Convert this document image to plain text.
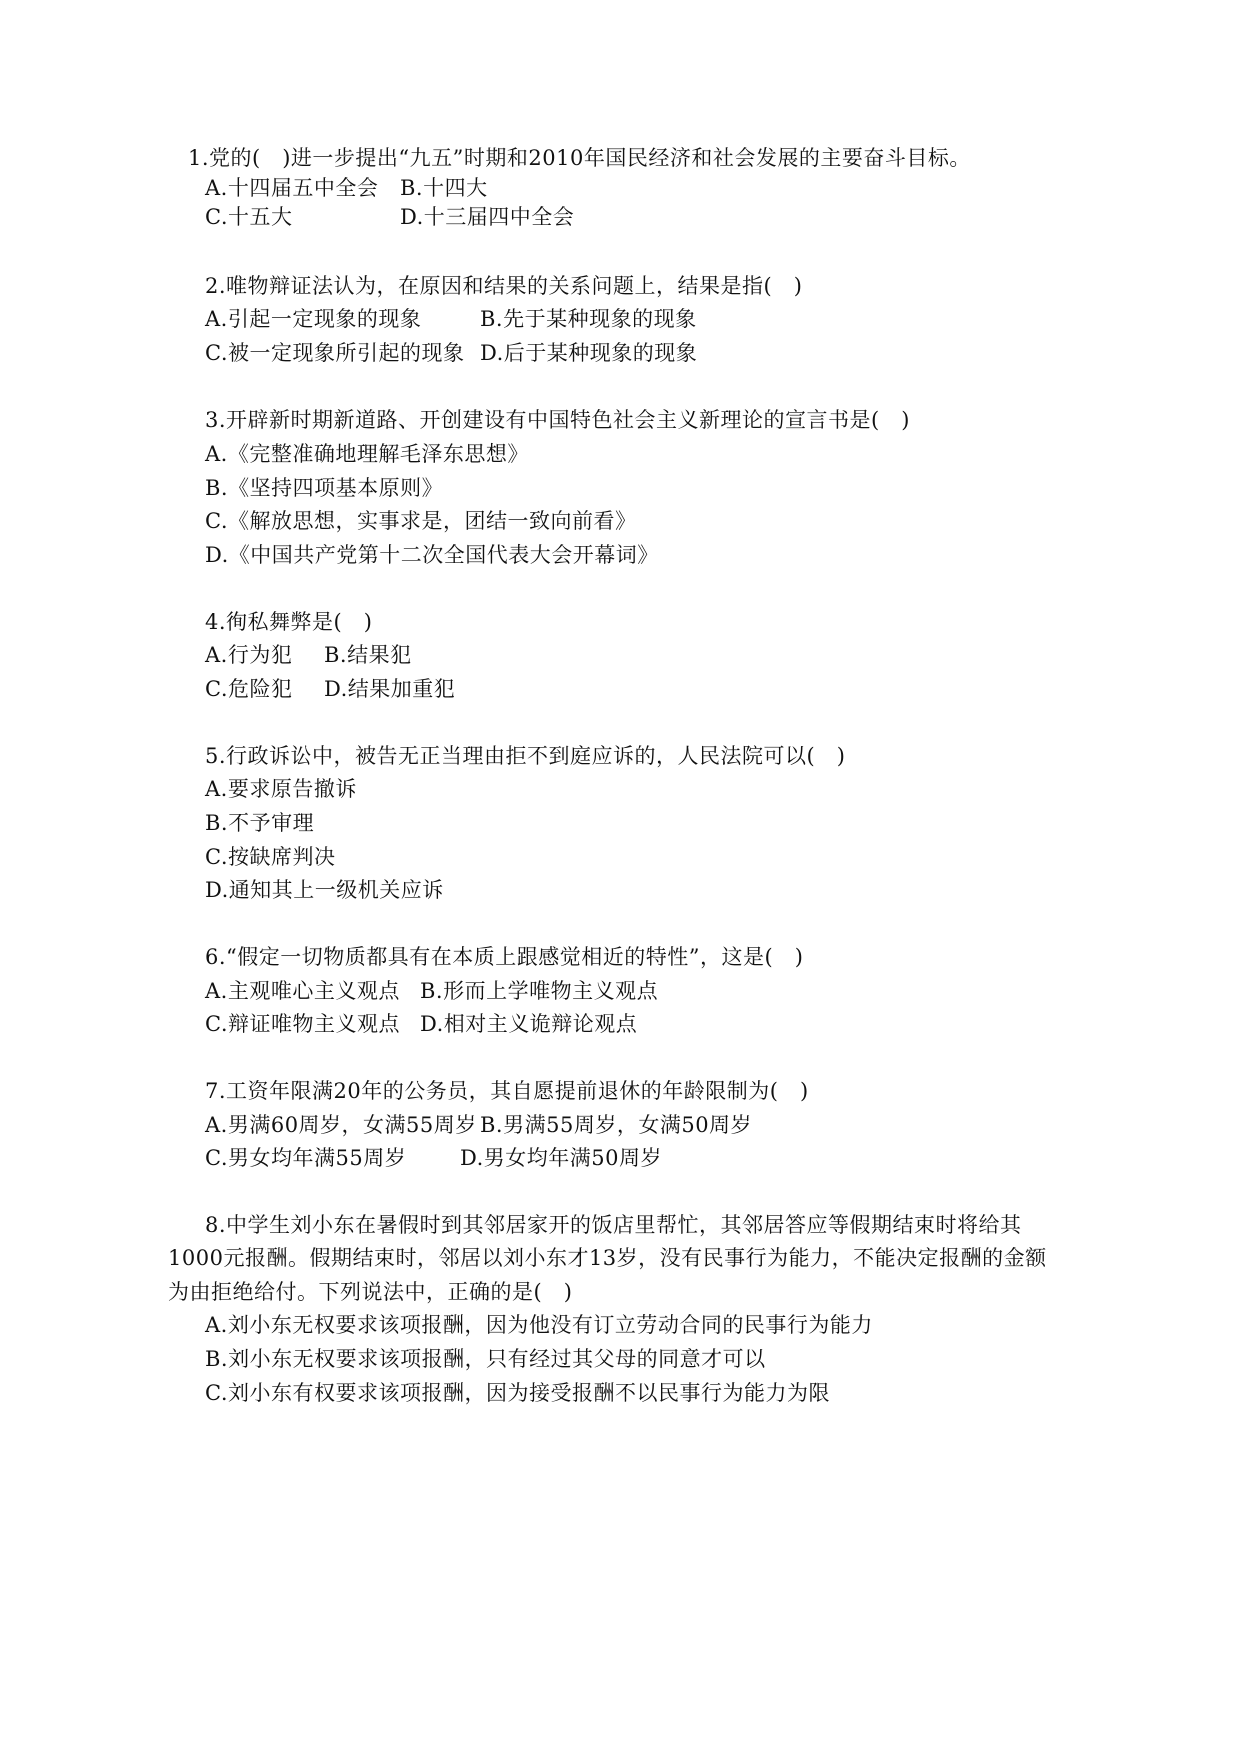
1.党的(　)进一步提出“九五”时期和2010年国民经济和社会发展的主要奋斗目标。
A.十四届五中全会 B.十四大
C.十五大	D.十三届四中全会
2.唯物辩证法认为，在原因和结果的关系问题上，结果是指(　)
A.引起一定现象的现象	B.先于某种现象的现象
C.被一定现象所引起的现象 D.后于某种现象的现象
3.开辟新时期新道路、开创建设有中国特色社会主义新理论的宣言书是(　)
A.《完整准确地理解毛泽东思想》
B.《坚持四项基本原则》
C.《解放思想，实事求是，团结一致向前看》
D.《中国共产党第十二次全国代表大会开幕词》
4.徇私舞弊是(　)
A.行为犯 B.结果犯
C.危险犯 D.结果加重犯
5.行政诉讼中，被告无正当理由拒不到庭应诉的，人民法院可以(　)
A.要求原告撤诉
B.不予审理
C.按缺席判决
D.通知其上一级机关应诉
6.“假定一切物质都具有在本质上跟感觉相近的特性”，这是(　)
A.主观唯心主义观点 B.形而上学唯物主义观点
C.辩证唯物主义观点 D.相对主义诡辩论观点
7.工资年限满20年的公务员，其自愿提前退休的年龄限制为(　)
A.男满60周岁，女满55周岁 B.男满55周岁，女满50周岁
C.男女均年满55周岁	D.男女均年满50周岁
8.中学生刘小东在暑假时到其邻居家开的饭店里帮忙，其邻居答应等假期结束时将给其
1000元报酬。假期结束时，邻居以刘小东才13岁，没有民事行为能力，不能决定报酬的金额
为由拒绝给付。下列说法中，正确的是(　)
A.刘小东无权要求该项报酬，因为他没有订立劳动合同的民事行为能力
B.刘小东无权要求该项报酬，只有经过其父母的同意才可以
C.刘小东有权要求该项报酬，因为接受报酬不以民事行为能力为限
